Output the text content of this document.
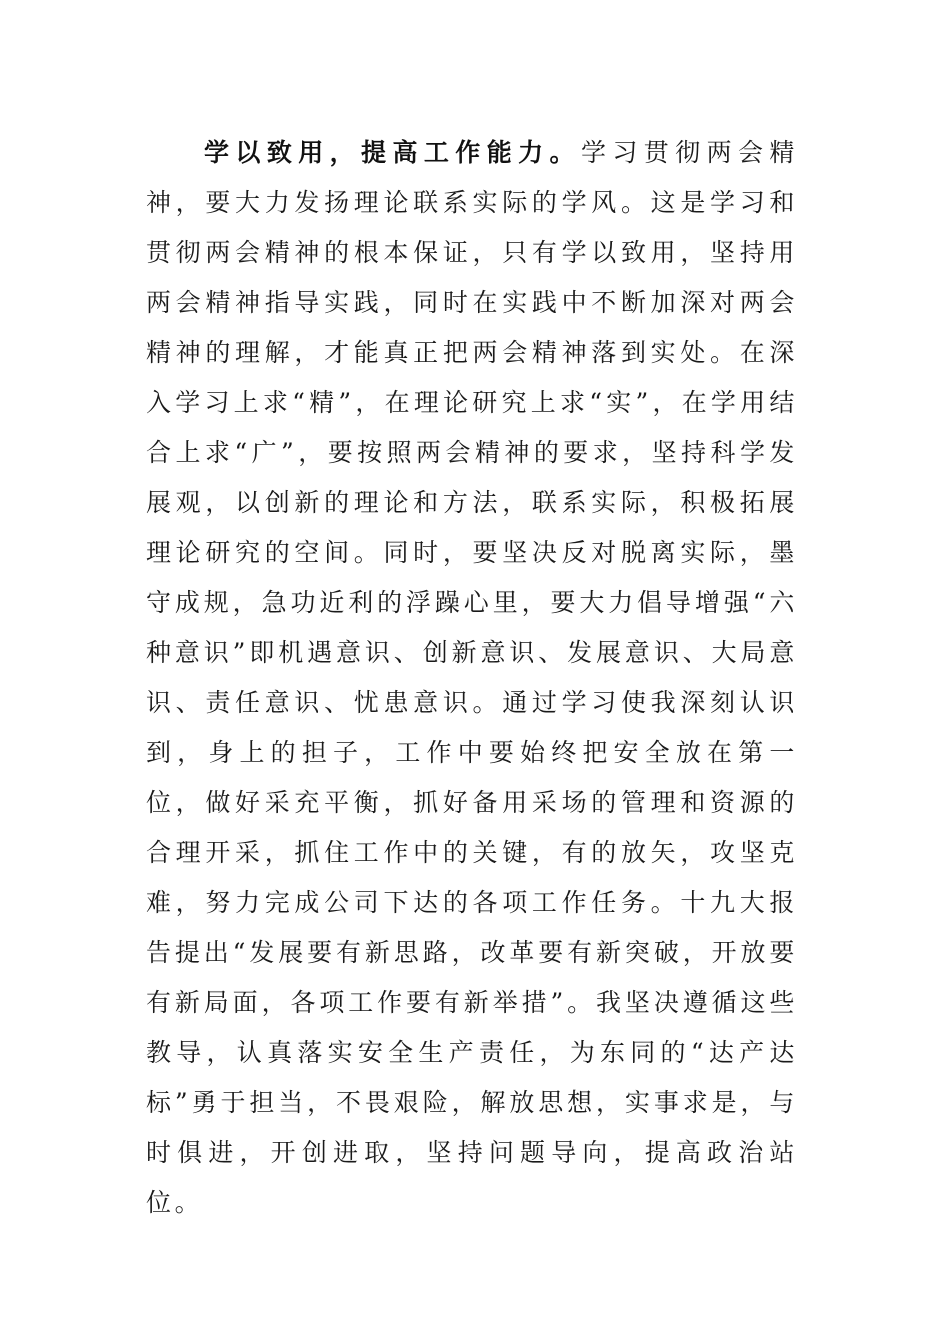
学以致用，提高工作能力。学习贯彻两会精神，要大力发扬理论联系实际的学风。这是学习和贯彻两会精神的根本保证，只有学以致用，坚持用两会精神指导实践，同时在实践中不断加深对两会精神的理解，才能真正把两会精神落到实处。在深入学习上求“精”，在理论研究上求“实”，在学用结合上求“广”，要按照两会精神的要求，坚持科学发展观，以创新的理论和方法，联系实际，积极拓展理论研究的空间。同时，要坚决反对脱离实际，墨守成规，急功近利的浮躁心里，要大力倡导增强“六种意识”即机遇意识、创新意识、发展意识、大局意识、责任意识、忧患意识。通过学习使我深刻认识到，身上的担子，工作中要始终把安全放在第一位，做好采充平衡，抓好备用采场的管理和资源的合理开采，抓住工作中的关键，有的放矢，攻坚克难，努力完成公司下达的各项工作任务。十九大报告提出“发展要有新思路，改革要有新突破，开放要有新局面，各项工作要有新举措”。我坚决遵循这些教导，认真落实安全生产责任，为东同的“达产达标”勇于担当，不畏艰险，解放思想，实事求是，与时俱进，开创进取，坚持问题导向，提高政治站位。
